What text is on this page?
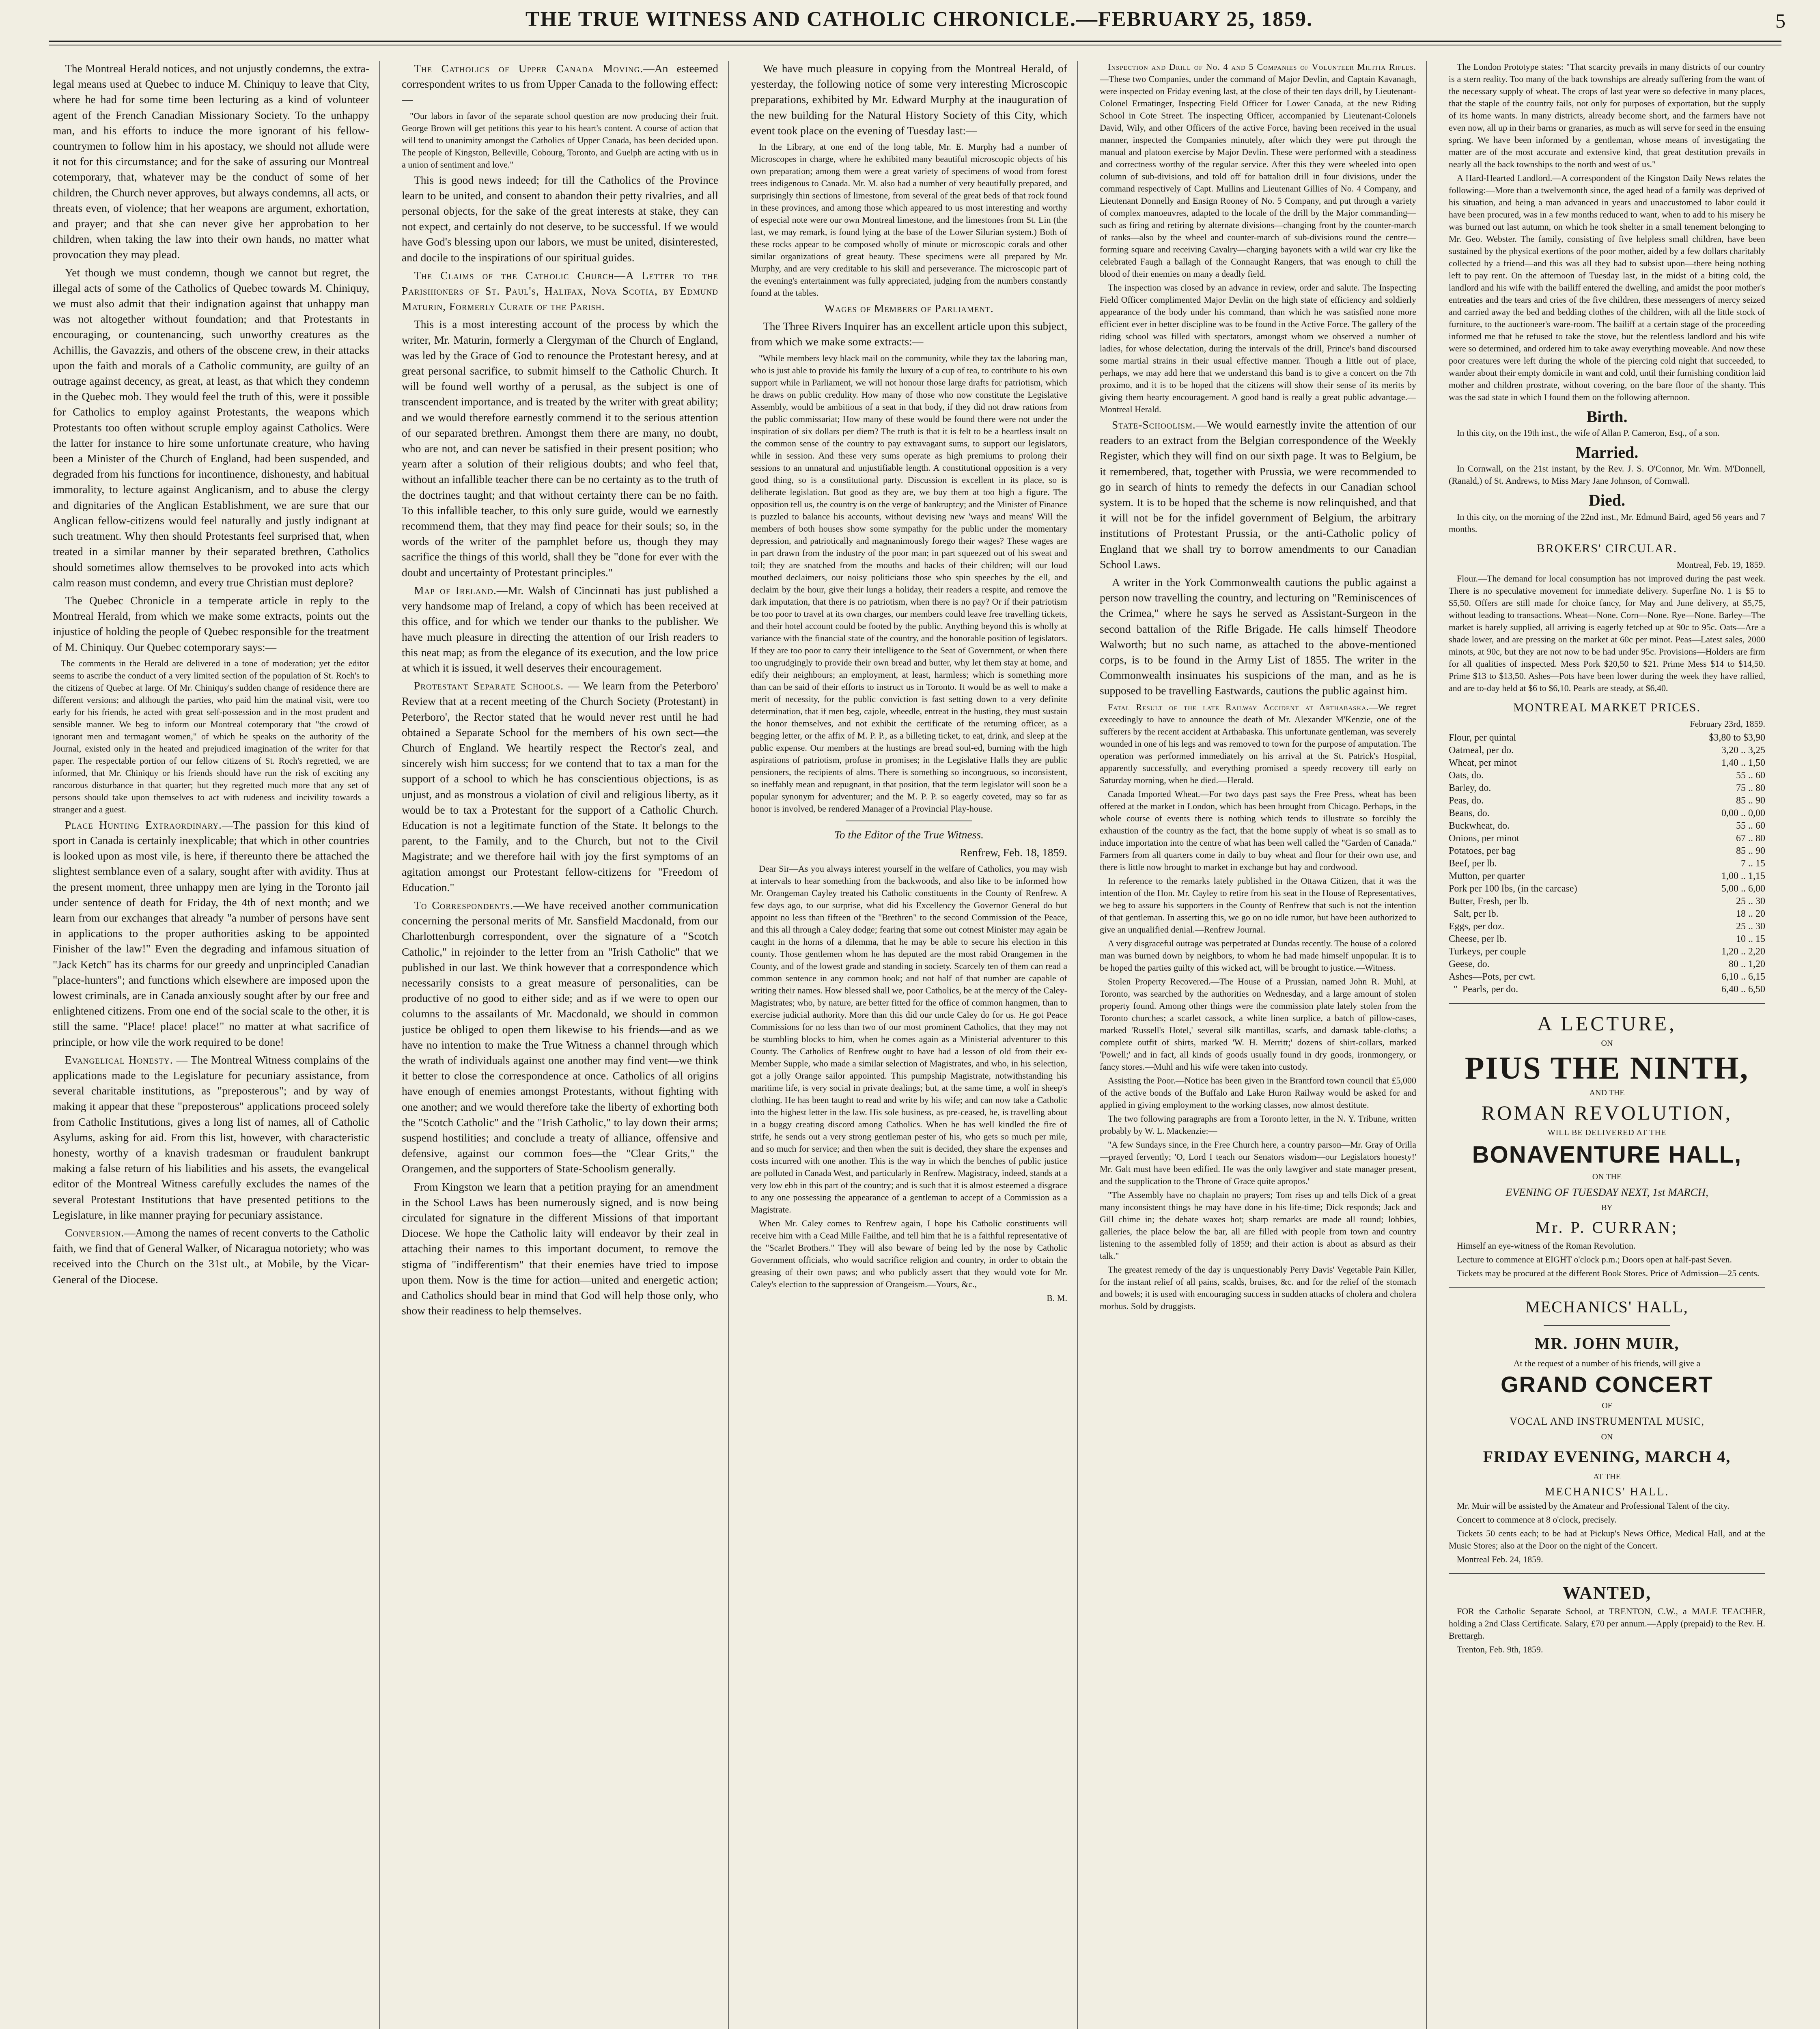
THE TRUE WITNESS AND CATHOLIC CHRONICLE.—FEBRUARY 25, 1859.	5

The Montreal Herald notices, and not unjustly condemns, the extra-legal means used at Quebec to induce M. Chiniquy to leave that City, where he had for some time been lecturing as a kind of volunteer agent of the French Canadian Missionary Society. To the unhappy man, and his efforts to induce the more ignorant of his fellow-countrymen to follow him in his apostacy, we should not allude were it not for this circumstance; and for the sake of assuring our Montreal cotemporary, that, whatever may be the conduct of some of her children, the Church never approves, but always condemns, all acts, or threats even, of violence; that her weapons are argument, exhortation, and prayer; and that she can never give her approbation to her children, when taking the law into their own hands, no matter what provocation they may plead.

Yet though we must condemn, though we cannot but regret, the illegal acts of some of the Catholics of Quebec towards M. Chiniquy, we must also admit that their indignation against that unhappy man was not altogether without foundation; and that Protestants in encouraging, or countenancing, such unworthy creatures as the Achillis, the Gavazzis, and others of the obscene crew, in their attacks upon the faith and morals of a Catholic community, are guilty of an outrage against decency, as great, at least, as that which they condemn in the Quebec mob. They would feel the truth of this, were it possible for Catholics to employ against Protestants, the weapons which Protestants too often without scruple employ against Catholics. Were the latter for instance to hire some unfortunate creature, who having been a Minister of the Church of England, had been suspended, and degraded from his functions for incontinence, dishonesty, and habitual immorality, to lecture against Anglicanism, and to abuse the clergy and dignitaries of the Anglican Establishment, we are sure that our Anglican fellow-citizens would feel naturally and justly indignant at such treatment. Why then should Protestants feel surprised that, when treated in a similar manner by their separated brethren, Catholics should sometimes allow themselves to be provoked into acts which calm reason must condemn, and every true Christian must deplore?

The Quebec Chronicle in a temperate article in reply to the Montreal Herald, from which we make some extracts, points out the injustice of holding the people of Quebec responsible for the treatment of M. Chiniquy. Our Quebec cotemporary says:—

The comments in the Herald are delivered in a tone of moderation; yet the editor seems to ascribe the conduct of a very limited section of the population of St. Roch's to the citizens of Quebec at large. Of Mr. Chiniquy's sudden change of residence there are different versions; and although the parties, who paid him the matinal visit, were too early for his friends, he acted with great self-possession and in the most prudent and sensible manner. We beg to inform our Montreal cotemporary that "the crowd of ignorant men and termagant women," of which he speaks on the authority of the Journal, existed only in the heated and prejudiced imagination of the writer for that paper. The respectable portion of our fellow citizens of St. Roch's regretted, we are informed, that Mr. Chiniquy or his friends should have run the risk of exciting any rancorous disturbance in that quarter; but they regretted much more that any set of persons should take upon themselves to act with rudeness and incivility towards a stranger and a guest.

Place Hunting Extraordinary.—The passion for this kind of sport in Canada is certainly inexplicable; that which in other countries is looked upon as most vile, is here, if thereunto there be attached the slightest semblance even of a salary, sought after with avidity. Thus at the present moment, three unhappy men are lying in the Toronto jail under sentence of death for Friday, the 4th of next month; and we learn from our exchanges that already "a number of persons have sent in applications to the proper authorities asking to be appointed Finisher of the law!" Even the degrading and infamous situation of "Jack Ketch" has its charms for our greedy and unprincipled Canadian "place-hunters"; and functions which elsewhere are imposed upon the lowest criminals, are in Canada anxiously sought after by our free and enlightened citizens. From one end of the social scale to the other, it is still the same. "Place! place! place!" no matter at what sacrifice of principle, or how vile the work required to be done!

Evangelical Honesty. — The Montreal Witness complains of the applications made to the Legislature for pecuniary assistance, from several charitable institutions, as "preposterous"; and by way of making it appear that these "preposterous" applications proceed solely from Catholic Institutions, gives a long list of names, all of Catholic Asylums, asking for aid. From this list, however, with characteristic honesty, worthy of a knavish tradesman or fraudulent bankrupt making a false return of his liabilities and his assets, the evangelical editor of the Montreal Witness carefully excludes the names of the several Protestant Institutions that have presented petitions to the Legislature, in like manner praying for pecuniary assistance.

Conversion.—Among the names of recent converts to the Catholic faith, we find that of General Walker, of Nicaragua notoriety; who was received into the Church on the 31st ult., at Mobile, by the Vicar-General of the Diocese.

The Catholics of Upper Canada Moving.—An esteemed correspondent writes to us from Upper Canada to the following effect:—

"Our labors in favor of the separate school question are now producing their fruit. George Brown will get petitions this year to his heart's content. A course of action that will tend to unanimity amongst the Catholics of Upper Canada, has been decided upon. The people of Kingston, Belleville, Cobourg, Toronto, and Guelph are acting with us in a union of sentiment and love."

This is good news indeed; for till the Catholics of the Province learn to be united, and consent to abandon their petty rivalries, and all personal objects, for the sake of the great interests at stake, they can not expect, and certainly do not deserve, to be successful. If we would have God's blessing upon our labors, we must be united, disinterested, and docile to the inspirations of our spiritual guides.

The Claims of the Catholic Church—A Letter to the Parishioners of St. Paul's, Halifax, Nova Scotia, by Edmund Maturin, Formerly Curate of the Parish.

This is a most interesting account of the process by which the writer, Mr. Maturin, formerly a Clergyman of the Church of England, was led by the Grace of God to renounce the Protestant heresy, and at great personal sacrifice, to submit himself to the Catholic Church. It will be found well worthy of a perusal, as the subject is one of transcendent importance, and is treated by the writer with great ability; and we would therefore earnestly commend it to the serious attention of our separated brethren. Amongst them there are many, no doubt, who are not, and can never be satisfied in their present position; who yearn after a solution of their religious doubts; and who feel that, without an infallible teacher there can be no certainty as to the truth of the doctrines taught; and that without certainty there can be no faith. To this infallible teacher, to this only sure guide, would we earnestly recommend them, that they may find peace for their souls; so, in the words of the writer of the pamphlet before us, though they may sacrifice the things of this world, shall they be "done for ever with the doubt and uncertainty of Protestant principles."

Map of Ireland.—Mr. Walsh of Cincinnati has just published a very handsome map of Ireland, a copy of which has been received at this office, and for which we tender our thanks to the publisher. We have much pleasure in directing the attention of our Irish readers to this neat map; as from the elegance of its execution, and the low price at which it is issued, it well deserves their encouragement.

Protestant Separate Schools. — We learn from the Peterboro' Review that at a recent meeting of the Church Society (Protestant) in Peterboro', the Rector stated that he would never rest until he had obtained a Separate School for the members of his own sect—the Church of England. We heartily respect the Rector's zeal, and sincerely wish him success; for we contend that to tax a man for the support of a school to which he has conscientious objections, is as unjust, and as monstrous a violation of civil and religious liberty, as it would be to tax a Protestant for the support of a Catholic Church. Education is not a legitimate function of the State. It belongs to the parent, to the Family, and to the Church, but not to the Civil Magistrate; and we therefore hail with joy the first symptoms of an agitation amongst our Protestant fellow-citizens for "Freedom of Education."

To Correspondents.—We have received another communication concerning the personal merits of Mr. Sansfield Macdonald, from our Charlottenburgh correspondent, over the signature of a "Scotch Catholic," in rejoinder to the letter from an "Irish Catholic" that we published in our last. We think however that a correspondence which necessarily consists to a great measure of personalities, can be productive of no good to either side; and as if we were to open our columns to the assailants of Mr. Macdonald, we should in common justice be obliged to open them likewise to his friends—and as we have no intention to make the True Witness a channel through which the wrath of individuals against one another may find vent—we think it better to close the correspondence at once. Catholics of all origins have enough of enemies amongst Protestants, without fighting with one another; and we would therefore take the liberty of exhorting both the "Scotch Catholic" and the "Irish Catholic," to lay down their arms; suspend hostilities; and conclude a treaty of alliance, offensive and defensive, against our common foes—the "Clear Grits," the Orangemen, and the supporters of State-Schoolism generally.

From Kingston we learn that a petition praying for an amendment in the School Laws has been numerously signed, and is now being circulated for signature in the different Missions of that important Diocese. We hope the Catholic laity will endeavor by their zeal in attaching their names to this important document, to remove the stigma of "indifferentism" that their enemies have tried to impose upon them. Now is the time for action—united and energetic action; and Catholics should bear in mind that God will help those only, who show their readiness to help themselves.

We have much pleasure in copying from the Montreal Herald, of yesterday, the following notice of some very interesting Microscopic preparations, exhibited by Mr. Edward Murphy at the inauguration of the new building for the Natural History Society of this City, which event took place on the evening of Tuesday last:—

In the Library, at one end of the long table, Mr. E. Murphy had a number of Microscopes in charge, where he exhibited many beautiful microscopic objects of his own preparation; among them were a great variety of specimens of wood from forest trees indigenous to Canada. Mr. M. also had a number of very beautifully prepared, and surprisingly thin sections of limestone, from several of the great beds of that rock found in these provinces, and among those which appeared to us most interesting and worthy of especial note were our own Montreal limestone, and the limestones from St. Lin (the last, we may remark, is found lying at the base of the Lower Silurian system.) Both of these rocks appear to be composed wholly of minute or microscopic corals and other similar organizations of great beauty. These specimens were all prepared by Mr. Murphy, and are very creditable to his skill and perseverance. The microscopic part of the evening's entertainment was fully appreciated, judging from the numbers constantly found at the tables.

Wages of Members of Parliament.

The Three Rivers Inquirer has an excellent article upon this subject, from which we make some extracts:—

"While members levy black mail on the community, while they tax the laboring man, who is just able to provide his family the luxury of a cup of tea, to contribute to his own support while in Parliament, we will not honour those large drafts for patriotism, which he draws on public credulity. How many of those who now constitute the Legislative Assembly, would be ambitious of a seat in that body, if they did not draw rations from the public commissariat; How many of these would be found there were not under the inspiration of six dollars per diem? The truth is that it is felt to be a heartless insult on the common sense of the country to pay extravagant sums, to support our legislators, while in session. And these very sums operate as high premiums to prolong their sessions to an unnatural and unjustifiable length. A constitutional opposition is a very good thing, so is a constitutional party. Discussion is excellent in its place, so is deliberate legislation. But good as they are, we buy them at too high a figure. The opposition tell us, the country is on the verge of bankruptcy; and the Minister of Finance is puzzled to balance his accounts, without devising new 'ways and means' Will the members of both houses show some sympathy for the public under the momentary depression, and patriotically and magnanimously forego their wages? These wages are in part drawn from the industry of the poor man; in part squeezed out of his sweat and toil; they are snatched from the mouths and backs of their children; will our loud mouthed declaimers, our noisy politicians those who spin speeches by the ell, and declaim by the hour, give their lungs a holiday, their readers a respite, and remove the dark imputation, that there is no patriotism, when there is no pay? Or if their patriotism be too poor to travel at its own charges, our members could leave free travelling tickets, and their hotel account could be footed by the public. Anything beyond this is wholly at variance with the financial state of the country, and the honorable position of legislators. If they are too poor to carry their intelligence to the Seat of Government, or when there too ungrudgingly to provide their own bread and butter, why let them stay at home, and edify their neighbours; an employment, at least, harmless; which is something more than can be said of their efforts to instruct us in Toronto. It would be as well to make a merit of necessity, for the public conviction is fast setting down to a very definite determination, that if men beg, cajole, wheedle, entreat in the husting, they must sustain the honor themselves, and not exhibit the certificate of the returning officer, as a begging letter, or the affix of M. P. P., as a billeting ticket, to eat, drink, and sleep at the public expense. Our members at the hustings are bread soul-ed, burning with the high aspirations of patriotism, profuse in promises; in the Legislative Halls they are public pensioners, the recipients of alms. There is something so incongruous, so inconsistent, so ineffably mean and repugnant, in that position, that the term legislator will soon be a popular synonym for adventurer; and the M. P. P. so eagerly coveted, may so far as honor is involved, be rendered Manager of a Provincial Play-house.

To the Editor of the True Witness.

Renfrew, Feb. 18, 1859.

Dear Sir—As you always interest yourself in the welfare of Catholics, you may wish at intervals to hear something from the backwoods, and also like to be informed how Mr. Orangeman Cayley treated his Catholic constituents in the County of Renfrew. A few days ago, to our surprise, what did his Excellency the Governor General do but appoint no less than fifteen of the "Brethren" to the second Commission of the Peace, and this all through a Caley dodge; fearing that some out cotnest Minister may again be caught in the horns of a dilemma, that he may be able to secure his election in this county. Those gentlemen whom he has deputed are the most rabid Orangemen in the County, and of the lowest grade and standing in society. Scarcely ten of them can read a common sentence in any common book; and not half of that number are capable of writing their names. How blessed shall we, poor Catholics, be at the mercy of the Caley-Magistrates; who, by nature, are better fitted for the office of common hangmen, than to exercise judicial authority. More than this did our uncle Caley do for us. He got Peace Commissions for no less than two of our most prominent Catholics, that they may not be stumbling blocks to him, when he comes again as a Ministerial adventurer to this County. The Catholics of Renfrew ought to have had a lesson of old from their ex-Member Supple, who made a similar selection of Magistrates, and who, in his selection, got a jolly Orange sailor appointed. This pumpship Magistrate, notwithstanding his maritime life, is very social in private dealings; but, at the same time, a wolf in sheep's clothing. He has been taught to read and write by his wife; and can now take a Catholic into the highest letter in the law. His sole business, as pre-ceased, he, is travelling about in a buggy creating discord among Catholics. When he has well kindled the fire of strife, he sends out a very strong gentleman pester of his, who gets so much per mile, and so much for service; and then when the suit is decided, they share the expenses and costs incurred with one another. This is the way in which the benches of public justice are polluted in Canada West, and particularly in Renfrew. Magistracy, indeed, stands at a very low ebb in this part of the country; and is such that it is almost esteemed a disgrace to any one possessing the appearance of a gentleman to accept of a Commission as a Magistrate.

When Mr. Caley comes to Renfrew again, I hope his Catholic constituents will receive him with a Cead Mille Failthe, and tell him that he is a faithful representative of the "Scarlet Brothers." They will also beware of being led by the nose by Catholic Government officials, who would sacrifice religion and country, in order to obtain the greasing of their own paws; and who publicly assert that they would vote for Mr. Caley's election to the suppression of Orangeism.—Yours, &c.,

B. M.

Inspection and Drill of No. 4 and 5 Companies of Volunteer Militia Rifles.—These two Companies, under the command of Major Devlin, and Captain Kavanagh, were inspected on Friday evening last, at the close of their ten days drill, by Lieutenant-Colonel Ermatinger, Inspecting Field Officer for Lower Canada, at the new Riding School in Cote Street. The inspecting Officer, accompanied by Lieutenant-Colonels David, Wily, and other Officers of the active Force, having been received in the usual manner, inspected the Companies minutely, after which they were put through the manual and platoon exercise by Major Devlin. These were performed with a steadiness and correctness worthy of the regular service. After this they were wheeled into open column of sub-divisions, and told off for battalion drill in four divisions, under the command respectively of Capt. Mullins and Lieutenant Gillies of No. 4 Company, and Lieutenant Donnelly and Ensign Rooney of No. 5 Company, and put through a variety of complex manoeuvres, adapted to the locale of the drill by the Major commanding—such as firing and retiring by alternate divisions—changing front by the counter-march of ranks—also by the wheel and counter-march of sub-divisions round the centre—forming square and receiving Cavalry—charging bayonets with a wild war cry like the celebrated Faugh a ballagh of the Connaught Rangers, that was enough to chill the blood of their enemies on many a deadly field.

The inspection was closed by an advance in review, order and salute. The Inspecting Field Officer complimented Major Devlin on the high state of efficiency and soldierly appearance of the body under his command, than which he was satisfied none more efficient ever in better discipline was to be found in the Active Force. The gallery of the riding school was filled with spectators, amongst whom we observed a number of ladies, for whose delectation, during the intervals of the drill, Prince's band discoursed some martial strains in their usual effective manner. Though a little out of place, perhaps, we may add here that we understand this band is to give a concert on the 7th proximo, and it is to be hoped that the citizens will show their sense of its merits by giving them hearty encouragement. A good band is really a great public advantage.—Montreal Herald.

State-Schoolism.—We would earnestly invite the attention of our readers to an extract from the Belgian correspondence of the Weekly Register, which they will find on our sixth page. It was to Belgium, be it remembered, that, together with Prussia, we were recommended to go in search of hints to remedy the defects in our Canadian school system. It is to be hoped that the scheme is now relinquished, and that it will not be for the infidel government of Belgium, the arbitrary institutions of Protestant Prussia, or the anti-Catholic policy of England that we shall try to borrow amendments to our Canadian School Laws.

A writer in the York Commonwealth cautions the public against a person now travelling the country, and lecturing on "Reminiscences of the Crimea," where he says he served as Assistant-Surgeon in the second battalion of the Rifle Brigade. He calls himself Theodore Walworth; but no such name, as attached to the above-mentioned corps, is to be found in the Army List of 1855. The writer in the Commonwealth insinuates his suspicions of the man, and as he is supposed to be travelling Eastwards, cautions the public against him.

Fatal Result of the late Railway Accident at Arthabaska.—We regret exceedingly to have to announce the death of Mr. Alexander M'Kenzie, one of the sufferers by the recent accident at Arthabaska. This unfortunate gentleman, was severely wounded in one of his legs and was removed to town for the purpose of amputation. The operation was performed immediately on his arrival at the St. Patrick's Hospital, apparently successfully, and everything promised a speedy recovery till early on Saturday morning, when he died.—Herald.

Canada Imported Wheat.—For two days past says the Free Press, wheat has been offered at the market in London, which has been brought from Chicago. Perhaps, in the whole course of events there is nothing which tends to illustrate so forcibly the exhaustion of the country as the fact, that the home supply of wheat is so small as to induce importation into the centre of what has been well called the "Garden of Canada." Farmers from all quarters come in daily to buy wheat and flour for their own use, and there is little now brought to market in exchange but hay and cordwood.

In reference to the remarks lately published in the Ottawa Citizen, that it was the intention of the Hon. Mr. Cayley to retire from his seat in the House of Representatives, we beg to assure his supporters in the County of Renfrew that such is not the intention of that gentleman. In asserting this, we go on no idle rumor, but have been authorized to give an unqualified denial.—Renfrew Journal.

A very disgraceful outrage was perpetrated at Dundas recently. The house of a colored man was burned down by neighbors, to whom he had made himself unpopular. It is to be hoped the parties guilty of this wicked act, will be brought to justice.—Witness.

Stolen Property Recovered.—The House of a Prussian, named John R. Muhl, at Toronto, was searched by the authorities on Wednesday, and a large amount of stolen property found. Among other things were the commission plate lately stolen from the Toronto churches; a scarlet cassock, a white linen surplice, a batch of pillow-cases, marked 'Russell's Hotel,' several silk mantillas, scarfs, and damask table-cloths; a complete outfit of shirts, marked 'W. H. Merritt;' dozens of shirt-collars, marked 'Powell;' and in fact, all kinds of goods usually found in dry goods, ironmongery, or fancy stores.—Muhl and his wife were taken into custody.

Assisting the Poor.—Notice has been given in the Brantford town council that £5,000 of the active bonds of the Buffalo and Lake Huron Railway would be asked for and applied in giving employment to the working classes, now almost destitute.

The two following paragraphs are from a Toronto letter, in the N. Y. Tribune, written probably by W. L. Mackenzie:—

"A few Sundays since, in the Free Church here, a country parson—Mr. Gray of Orilla—prayed fervently; 'O, Lord I teach our Senators wisdom—our Legislators honesty!' Mr. Galt must have been edified. He was the only lawgiver and state manager present, and the supplication to the Throne of Grace quite apropos.'

"The Assembly have no chaplain no prayers; Tom rises up and tells Dick of a great many inconsistent things he may have done in his life-time; Dick responds; Jack and Gill chime in; the debate waxes hot; sharp remarks are made all round; lobbies, galleries, the place below the bar, all are filled with people from town and country listening to the assembled folly of 1859; and their action is about as absurd as their talk."

The greatest remedy of the day is unquestionably Perry Davis' Vegetable Pain Killer, for the instant relief of all pains, scalds, bruises, &c. and for the relief of the stomach and bowels; it is used with encouraging success in sudden attacks of cholera and cholera morbus. Sold by druggists.

The London Prototype states: "That scarcity prevails in many districts of our country is a stern reality. Too many of the back townships are already suffering from the want of the necessary supply of wheat. The crops of last year were so defective in many places, that the staple of the country fails, not only for purposes of exportation, but the supply of its home wants. In many districts, already become short, and the farmers have not even now, all up in their barns or granaries, as much as will serve for seed in the ensuing spring. We have been informed by a gentleman, whose means of investigating the matter are of the most accurate and extensive kind, that great destitution prevails in nearly all the back townships to the north and west of us."

A Hard-Hearted Landlord.—A correspondent of the Kingston Daily News relates the following:—More than a twelvemonth since, the aged head of a family was deprived of his situation, and being a man advanced in years and unaccustomed to labor could it have been procured, was in a few months reduced to want, when to add to his misery he was burned out last autumn, on which he took shelter in a small tenement belonging to Mr. Geo. Webster. The family, consisting of five helpless small children, have been sustained by the physical exertions of the poor mother, aided by a few dollars charitably collected by a friend—and this was all they had to subsist upon—there being nothing left to pay rent. On the afternoon of Tuesday last, in the midst of a biting cold, the landlord and his wife with the bailiff entered the dwelling, and amidst the poor mother's entreaties and the tears and cries of the five children, these messengers of mercy seized and carried away the bed and bedding clothes of the children, with all the little stock of furniture, to the auctioneer's ware-room. The bailiff at a certain stage of the proceeding informed me that he refused to take the stove, but the relentless landlord and his wife were so determined, and ordered him to take away everything moveable. And now these poor creatures were left during the whole of the piercing cold night that succeeded, to wander about their empty domicile in want and cold, until their furnishing condition laid mother and children prostrate, without covering, on the bare floor of the shanty. This was the sad state in which I found them on the following afternoon.

Birth.

In this city, on the 19th inst., the wife of Allan P. Cameron, Esq., of a son.

Married.

In Cornwall, on the 21st instant, by the Rev. J. S. O'Connor, Mr. Wm. M'Donnell, (Ranald,) of St. Andrews, to Miss Mary Jane Johnson, of Cornwall.

Died.

In this city, on the morning of the 22nd inst., Mr. Edmund Baird, aged 56 years and 7 months.

BROKERS' CIRCULAR.

Montreal, Feb. 19, 1859.

Flour.—The demand for local consumption has not improved during the past week. There is no speculative movement for immediate delivery. Superfine No. 1 is $5 to $5,50. Offers are still made for choice fancy, for May and June delivery, at $5,75, without leading to transactions. Wheat—None. Corn—None. Rye—None. Barley—The market is barely supplied, all arriving is eagerly fetched up at 90c to 95c. Oats—Are a shade lower, and are pressing on the market at 60c per minot. Peas—Latest sales, 2000 minots, at 90c, but they are not now to be had under 95c. Provisions—Holders are firm for all qualities of inspected. Mess Pork $20,50 to $21. Prime Mess $14 to $14,50. Prime $13 to $13,50. Ashes—Pots have been lower during the week they have rallied, and are to-day held at $6 to $6,10. Pearls are steady, at $6,40.

MONTREAL MARKET PRICES.

February 23rd, 1859.

Flour, per quintal	$3,80 to $3,90
Oatmeal, per do.	3,20 .. 3,25
Wheat, per minot	1,40 .. 1,50
Oats, do.	55 .. 60
Barley, do.	75 .. 80
Peas, do.	85 .. 90
Beans, do.	0,00 .. 0,00
Buckwheat, do.	55 .. 60
Onions, per minot	67 .. 80
Potatoes, per bag	85 .. 90
Beef, per lb.	7 .. 15
Mutton, per quarter	1,00 .. 1,15
Pork per 100 lbs, (in the carcase)	5,00 .. 6,00
Butter, Fresh, per lb.	25 .. 30
Salt, per lb.	18 .. 20
Eggs, per doz.	25 .. 30
Cheese, per lb.	10 .. 15
Turkeys, per couple	1,20 .. 2,20
Geese, do.	80 .. 1,20
Ashes—Pots, per cwt.	6,10 .. 6,15
"  Pearls, per do.	6,40 .. 6,50
A LECTURE,
ON
PIUS THE NINTH,
AND THE
ROMAN REVOLUTION,
WILL BE DELIVERED AT THE
BONAVENTURE HALL,
ON THE
EVENING OF TUESDAY NEXT, 1st MARCH,
BY
Mr. P. CURRAN;

Himself an eye-witness of the Roman Revolution.

Lecture to commence at EIGHT o'clock p.m.; Doors open at half-past Seven.

Tickets may be procured at the different Book Stores. Price of Admission—25 cents.

MECHANICS' HALL,
MR. JOHN MUIR,
At the request of a number of his friends, will give a
GRAND CONCERT
OF
VOCAL AND INSTRUMENTAL MUSIC,
ON
FRIDAY EVENING, MARCH 4,
AT THE
MECHANICS' HALL.

Mr. Muir will be assisted by the Amateur and Professional Talent of the city.

Concert to commence at 8 o'clock, precisely.

Tickets 50 cents each; to be had at Pickup's News Office, Medical Hall, and at the Music Stores; also at the Door on the night of the Concert.

Montreal Feb. 24, 1859.

WANTED,

FOR the Catholic Separate School, at TRENTON, C.W., a MALE TEACHER, holding a 2nd Class Certificate. Salary, £70 per annum.—Apply (prepaid) to the Rev. H. Brettargh.

Trenton, Feb. 9th, 1859.
